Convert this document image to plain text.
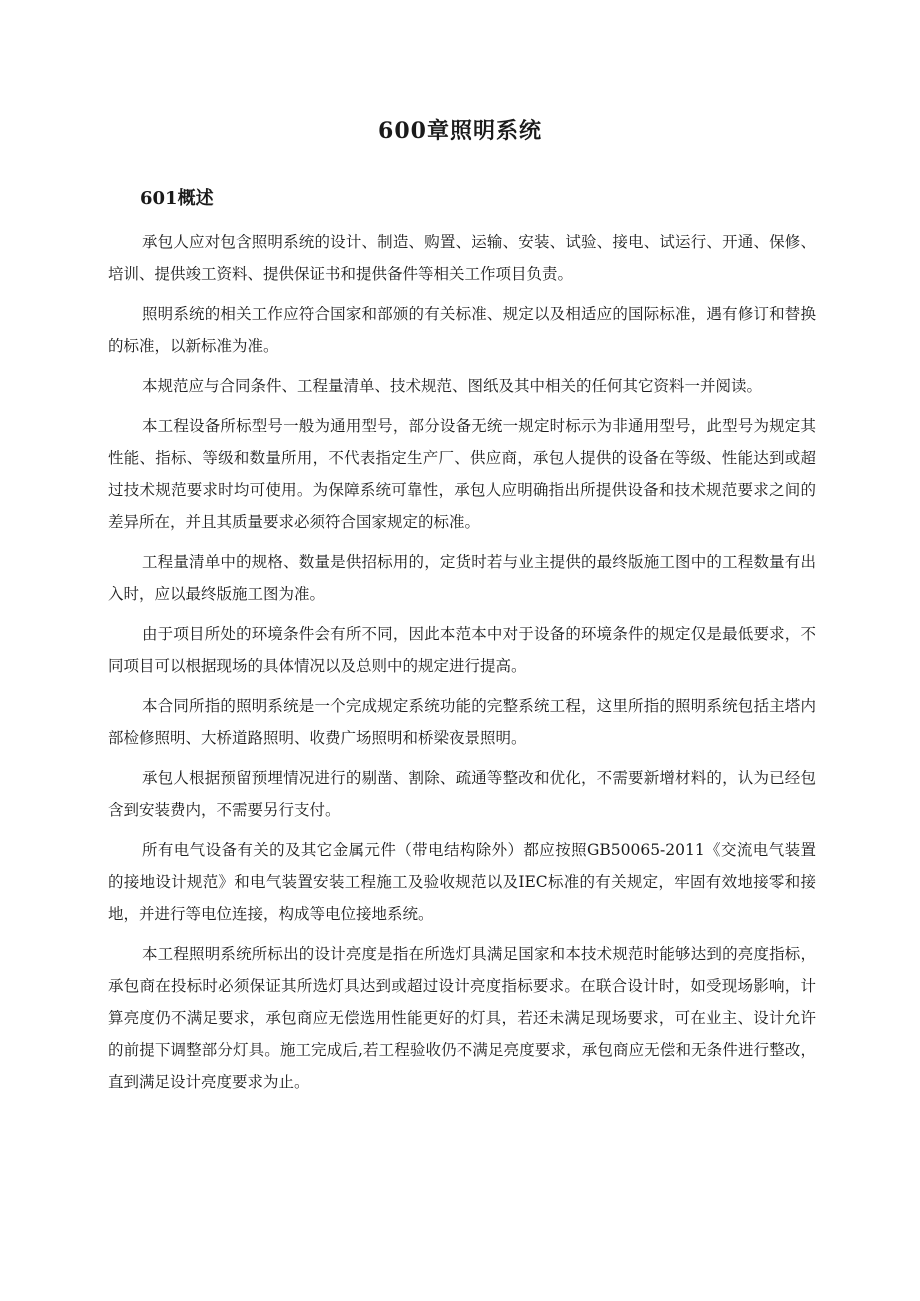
600章照明系统
601概述

承包人应对包含照明系统的设计、制造、购置、运输、安装、试验、接电、试运行、开通、保修、培训、提供竣工资料、提供保证书和提供备件等相关工作项目负责。

照明系统的相关工作应符合国家和部颁的有关标准、规定以及相适应的国际标准，遇有修订和替换的标准，以新标准为准。

本规范应与合同条件、工程量清单、技术规范、图纸及其中相关的任何其它资料一并阅读。

本工程设备所标型号一般为通用型号，部分设备无统一规定时标示为非通用型号，此型号为规定其性能、指标、等级和数量所用，不代表指定生产厂、供应商，承包人提供的设备在等级、性能达到或超过技术规范要求时均可使用。为保障系统可靠性，承包人应明确指出所提供设备和技术规范要求之间的差异所在，并且其质量要求必须符合国家规定的标准。

工程量清单中的规格、数量是供招标用的，定货时若与业主提供的最终版施工图中的工程数量有出入时，应以最终版施工图为准。

由于项目所处的环境条件会有所不同，因此本范本中对于设备的环境条件的规定仅是最低要求，不同项目可以根据现场的具体情况以及总则中的规定进行提高。

本合同所指的照明系统是一个完成规定系统功能的完整系统工程，这里所指的照明系统包括主塔内部检修照明、大桥道路照明、收费广场照明和桥梁夜景照明。

承包人根据预留预埋情况进行的剔凿、割除、疏通等整改和优化，不需要新增材料的，认为已经包含到安装费内，不需要另行支付。

所有电气设备有关的及其它金属元件（带电结构除外）都应按照GB50065-2011《交流电气装置的接地设计规范》和电气装置安装工程施工及验收规范以及IEC标准的有关规定，牢固有效地接零和接地，并进行等电位连接，构成等电位接地系统。

本工程照明系统所标出的设计亮度是指在所选灯具满足国家和本技术规范时能够达到的亮度指标，承包商在投标时必须保证其所选灯具达到或超过设计亮度指标要求。在联合设计时，如受现场影响，计算亮度仍不满足要求，承包商应无偿选用性能更好的灯具，若还未满足现场要求，可在业主、设计允许的前提下调整部分灯具。施工完成后,若工程验收仍不满足亮度要求，承包商应无偿和无条件进行整改，直到满足设计亮度要求为止。
